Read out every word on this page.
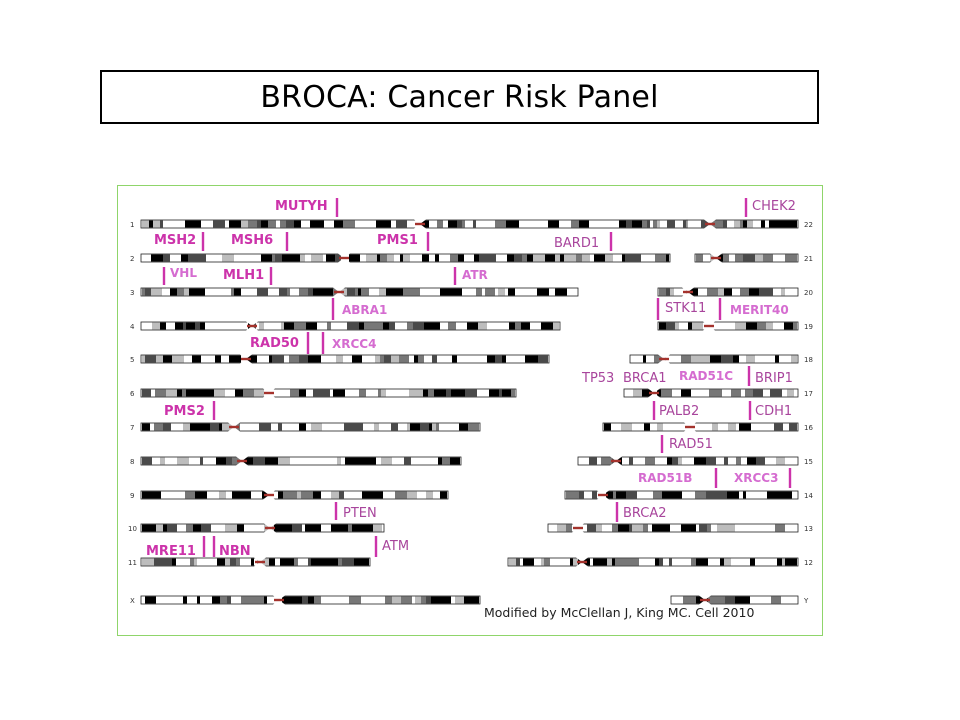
BROCA: Cancer Risk Panel
1
2
3
4
5
6
7
8
9
10
11
X
22
21
20
19
18
17
16
15
14
13
12
Y
MUTYH
MSH2	MSH6	PMS1	BARD1
VHL MLH1	ATR
ABRA1
RAD50	XRCC4
PMS2
PTEN
MRE11 NBN	ATM
CHEK2
STK11 MERIT40
TP53 BRCA1 RAD51C BRIP1
PALB2	CDH1
RAD51
RAD51B	XRCC3
BRCA2
Modified by McClellan J, King MC. Cell 2010
